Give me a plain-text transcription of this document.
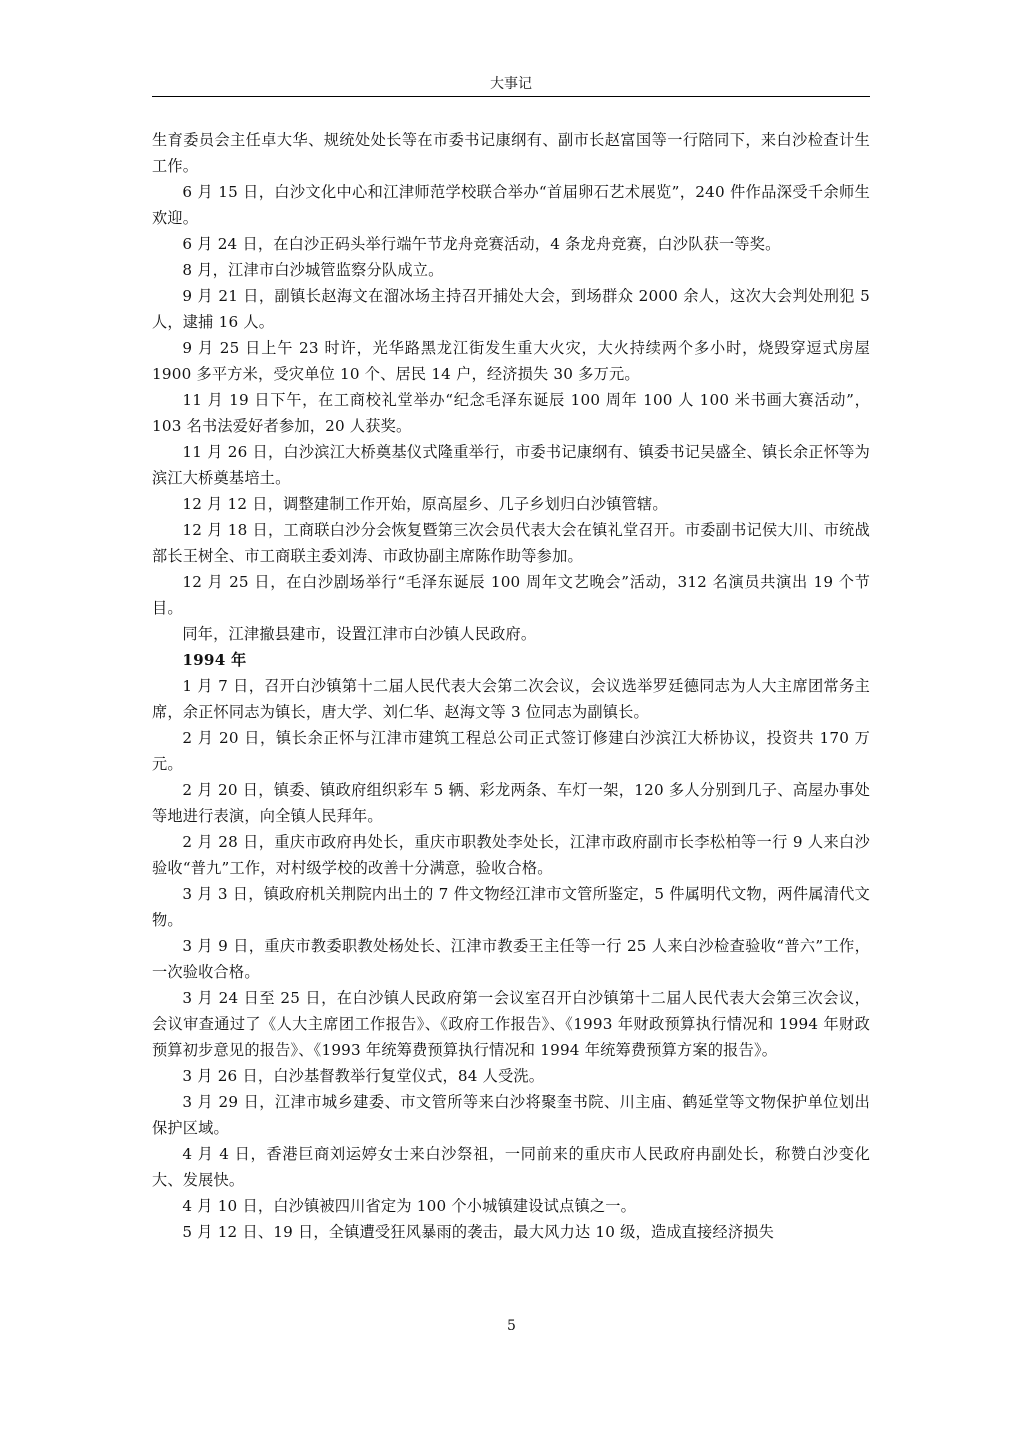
大事记

生育委员会主任卓大华、规统处处长等在市委书记康纲有、副市长赵富国等一行陪同下，来白沙检查计生工作。

6 月 15 日，白沙文化中心和江津师范学校联合举办“首届卵石艺术展览”，240 件作品深受千余师生欢迎。

6 月 24 日，在白沙正码头举行端午节龙舟竞赛活动，4 条龙舟竞赛，白沙队获一等奖。

8 月，江津市白沙城管监察分队成立。

9 月 21 日，副镇长赵海文在溜冰场主持召开捕处大会，到场群众 2000 余人，这次大会判处刑犯 5 人，逮捕 16 人。

9 月 25 日上午 23 时许，光华路黑龙江街发生重大火灾，大火持续两个多小时，烧毁穿逗式房屋 1900 多平方米，受灾单位 10 个、居民 14 户，经济损失 30 多万元。

11 月 19 日下午，在工商校礼堂举办“纪念毛泽东诞辰 100 周年 100 人 100 米书画大赛活动”，103 名书法爱好者参加，20 人获奖。

11 月 26 日，白沙滨江大桥奠基仪式隆重举行，市委书记康纲有、镇委书记吴盛全、镇长余正怀等为滨江大桥奠基培土。

12 月 12 日，调整建制工作开始，原高屋乡、几子乡划归白沙镇管辖。

12 月 18 日，工商联白沙分会恢复暨第三次会员代表大会在镇礼堂召开。市委副书记侯大川、市统战部长王树全、市工商联主委刘涛、市政协副主席陈作助等参加。

12 月 25 日，在白沙剧场举行“毛泽东诞辰 100 周年文艺晚会”活动，312 名演员共演出 19 个节目。

同年，江津撤县建市，设置江津市白沙镇人民政府。

1994 年

1 月 7 日，召开白沙镇第十二届人民代表大会第二次会议，会议选举罗廷德同志为人大主席团常务主席，余正怀同志为镇长，唐大学、刘仁华、赵海文等 3 位同志为副镇长。

2 月 20 日，镇长余正怀与江津市建筑工程总公司正式签订修建白沙滨江大桥协议，投资共 170 万元。

2 月 20 日，镇委、镇政府组织彩车 5 辆、彩龙两条、车灯一架，120 多人分别到几子、高屋办事处等地进行表演，向全镇人民拜年。

2 月 28 日，重庆市政府冉处长，重庆市职教处李处长，江津市政府副市长李松柏等一行 9 人来白沙验收“普九”工作，对村级学校的改善十分满意，验收合格。

3 月 3 日，镇政府机关荆院内出土的 7 件文物经江津市文管所鉴定，5 件属明代文物，两件属清代文物。

3 月 9 日，重庆市教委职教处杨处长、江津市教委王主任等一行 25 人来白沙检查验收“普六”工作，一次验收合格。

3 月 24 日至 25 日，在白沙镇人民政府第一会议室召开白沙镇第十二届人民代表大会第三次会议，会议审查通过了《人大主席团工作报告》、《政府工作报告》、《1993 年财政预算执行情况和 1994 年财政预算初步意见的报告》、《1993 年统筹费预算执行情况和 1994 年统筹费预算方案的报告》。

3 月 26 日，白沙基督教举行复堂仪式，84 人受洗。

3 月 29 日，江津市城乡建委、市文管所等来白沙将聚奎书院、川主庙、鹤延堂等文物保护单位划出保护区域。

4 月 4 日，香港巨商刘运婷女士来白沙祭祖，一同前来的重庆市人民政府冉副处长，称赞白沙变化大、发展快。

4 月 10 日，白沙镇被四川省定为 100 个小城镇建设试点镇之一。

5 月 12 日、19 日，全镇遭受狂风暴雨的袭击，最大风力达 10 级，造成直接经济损失

5
